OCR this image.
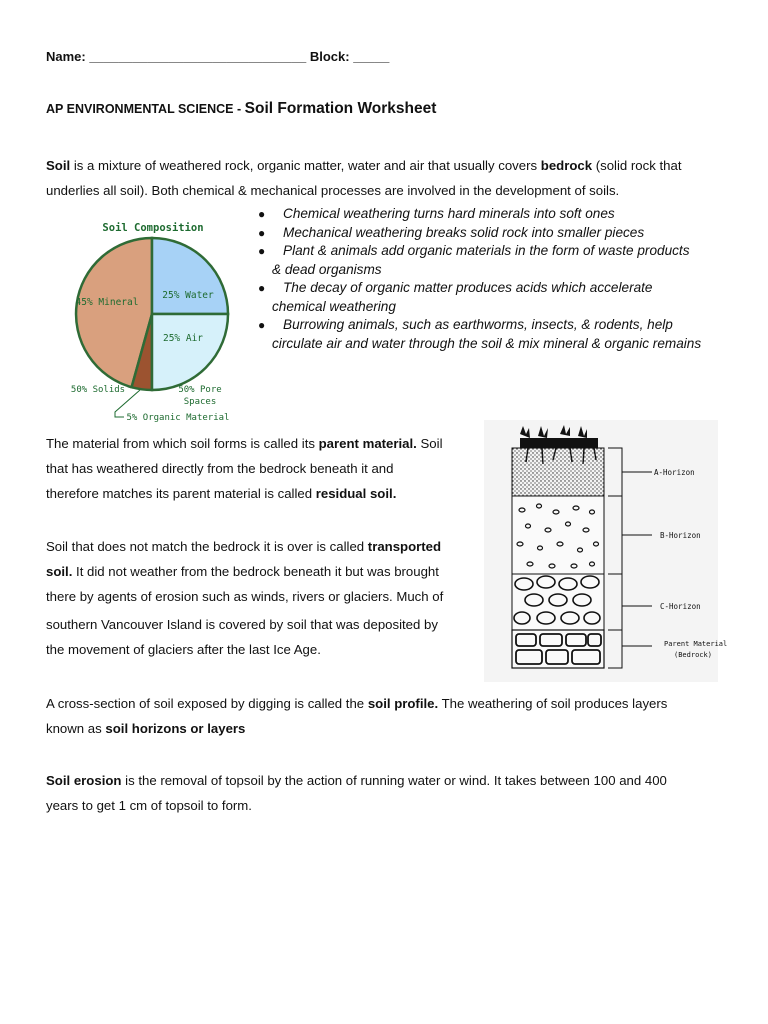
Name: ______________________________ Block: _____
AP ENVIRONMENTAL SCIENCE - Soil Formation Worksheet
Soil is a mixture of weathered rock, organic matter, water and air that usually covers bedrock (solid rock that
underlies all soil). Both chemical & mechanical processes are involved in the development of soils.
● Chemical weathering turns hard minerals into soft ones
● Mechanical weathering breaks solid rock into smaller pieces
● Plant & animals add organic materials in the form of waste products
& dead organisms
● The decay of organic matter produces acids which accelerate
chemical weathering
● Burrowing animals, such as earthworms, insects, & rodents, help
circulate air and water through the soil & mix mineral & organic remains
Soil Composition
45% Mineral
25% Water
25% Air
50% Solids	50% Pore
Spaces
5% Organic Material
The material from which soil forms is called its parent material. Soil
that has weathered directly from the bedrock beneath it and
therefore matches its parent material is called residual soil.
Soil that does not match the bedrock it is over is called transported
soil. It did not weather from the bedrock beneath it but was brought
there by agents of erosion such as winds, rivers or glaciers. Much of
southern Vancouver Island is covered by soil that was deposited by
the movement of glaciers after the last Ice Age.
A-Horizon
B-Horizon
C-Horizon
Parent Material
(Bedrock)
A cross-section of soil exposed by digging is called the soil profile. The weathering of soil produces layers
known as soil horizons or layers
Soil erosion is the removal of topsoil by the action of running water or wind. It takes between 100 and 400
years to get 1 cm of topsoil to form.
